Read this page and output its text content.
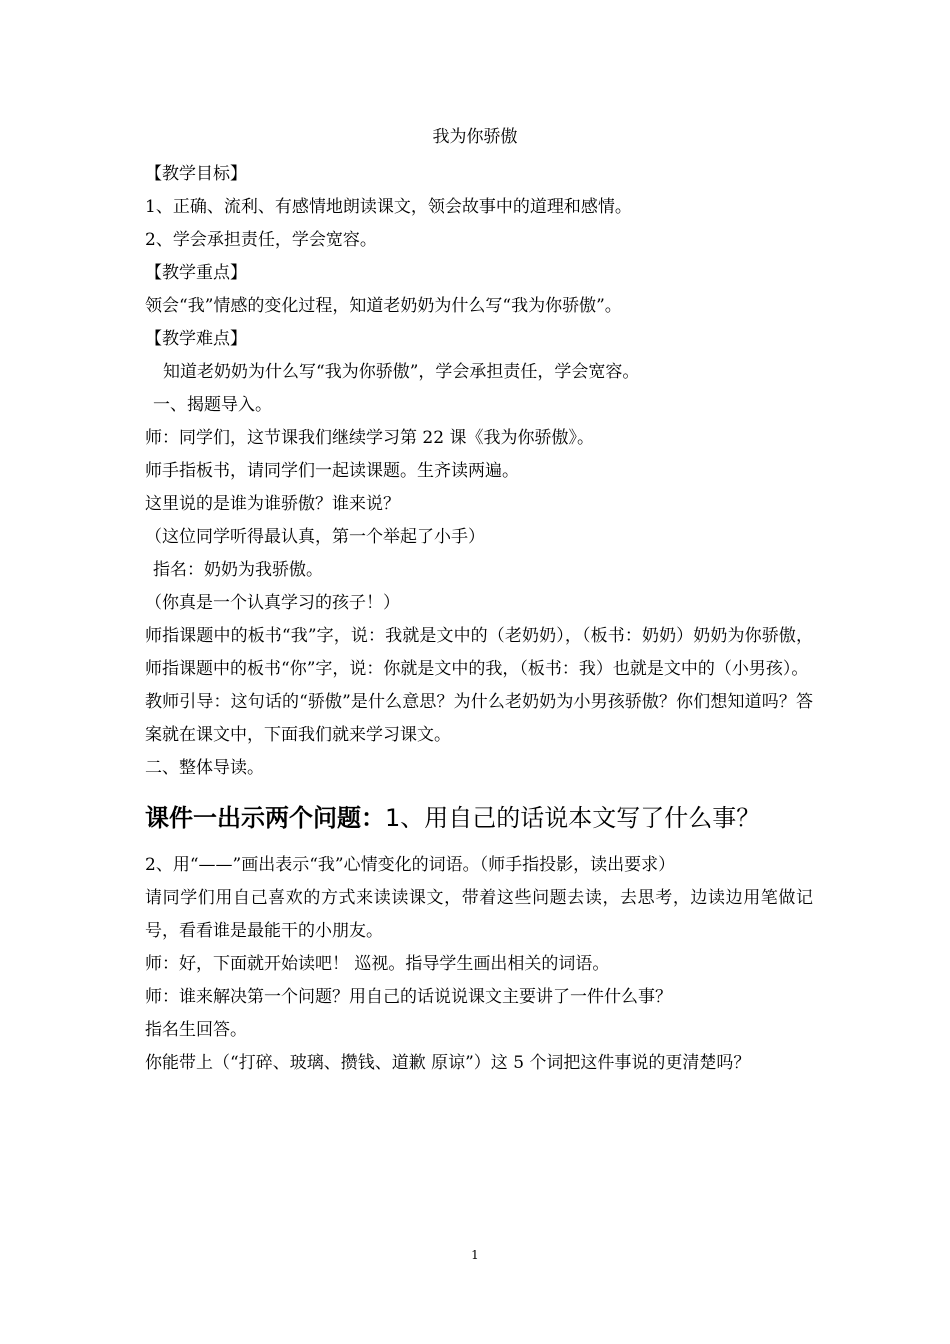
我为你骄傲
【教学目标】
1、正确、流利、有感情地朗读课文，领会故事中的道理和感情。
2、学会承担责任，学会宽容。
【教学重点】
领会“我”情感的变化过程，知道老奶奶为什么写“我为你骄傲”。
【教学难点】
知道老奶奶为什么写“我为你骄傲”，学会承担责任，学会宽容。
一、揭题导入。
师：同学们，这节课我们继续学习第 22 课《我为你骄傲》。
师手指板书，请同学们一起读课题。生齐读两遍。
这里说的是谁为谁骄傲？谁来说？
（这位同学听得最认真，第一个举起了小手）
指名：奶奶为我骄傲。
（你真是一个认真学习的孩子！）
师指课题中的板书“我”字，说：我就是文中的（老奶奶），（板书：奶奶）奶奶为你骄傲，师指课题中的板书“你”字，说：你就是文中的我，（板书：我）也就是文中的（小男孩）。
教师引导：这句话的“骄傲”是什么意思？为什么老奶奶为小男孩骄傲？你们想知道吗？答案就在课文中，下面我们就来学习课文。
二、整体导读。
课件一出示两个问题：1、用自己的话说本文写了什么事？
2、用“——”画出表示“我”心情变化的词语。（师手指投影，读出要求）
请同学们用自己喜欢的方式来读读课文，带着这些问题去读，去思考，边读边用笔做记号，看看谁是最能干的小朋友。
师：好，下面就开始读吧！ 巡视。指导学生画出相关的词语。
师：谁来解决第一个问题？用自己的话说说课文主要讲了一件什么事？
指名生回答。
你能带上（“打碎、玻璃、攒钱、道歉 原谅”）这 5 个词把这件事说的更清楚吗？
1
